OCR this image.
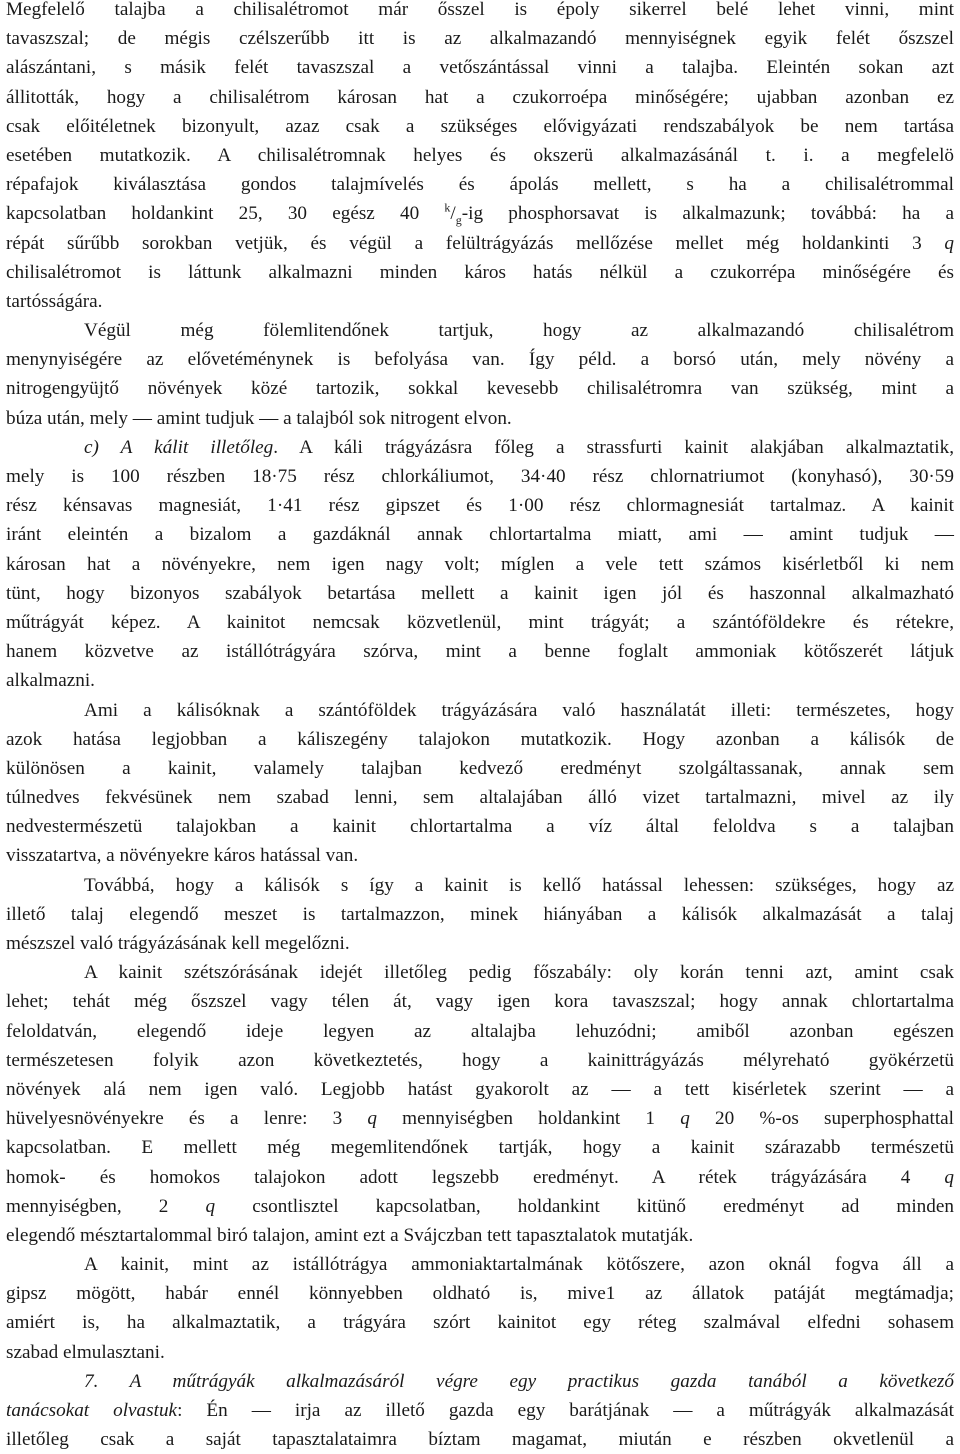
Megfelelő talajba a chilisalétromot már ősszel is époly sikerrel belé lehet vinni, mint
tavaszszal; de mégis czélszerűbb itt is az alkalmazandó mennyiségnek egyik felét őszszel
alászántani, s másik felét tavaszszal a vetőszántással vinni a talajba. Eleintén sokan azt
állitották, hogy a chilisalétrom károsan hat a czukorroépa minőségére; ujabban azonban ez
csak előitéletnek bizonyult, azaz csak a szükséges elővigyázati rendszabályok be nem tartása
esetében mutatkozik. A chilisalétromnak helyes és okszerü alkalmazásánál t. i. a megfelelö
répafajok kiválasztása gondos talajmívelés és ápolás mellett, s ha a chilisalétrommal
kapcsolatban holdankint 25, 30 egész 40 $^k/_g-ig$ phosphorsavat is alkalmazunk; továbbá: ha a
répát sűrűbb sorokban vetjük, és végül a felültrágyázás mellőzése mellet még holdankinti 3 q
chilisalétromot is láttunk alkalmazni minden káros hatás nélkül a czukorrépa minőségére és
tartósságára.
Végül még fölemlitendőnek tartjuk, hogy az alkalmazandó chilisalétrom
menynyiségére az elővetéménynek is befolyása van. Így péld. a borsó után, mely növény a
nitrogengyüjtő növények közé tartozik, sokkal kevesebb chilisalétromra van szükség, mint a
búza után, mely — amint tudjuk — a talajból sok nitrogent elvon.
c) A kálit illetőleg. A káli trágyázásra főleg a strassfurti kainit alakjában alkalmaztatik,
mely is 100 részben 18·75 rész chlorkáliumot, 34·40 rész chlornatriumot (konyhasó), 30·59
rész kénsavas magnesiát, 1·41 rész gipszet és 1·00 rész chlormagnesiát tartalmaz. A kainit
iránt eleintén a bizalom a gazdáknál annak chlortartalma miatt, ami — amint tudjuk —
károsan hat a növényekre, nem igen nagy volt; míglen a vele tett számos kisérletből ki nem
tünt, hogy bizonyos szabályok betartása mellett a kainit igen jól és haszonnal alkalmazható
műtrágyát képez. A kainitot nemcsak közvetlenül, mint trágyát; a szántóföldekre és rétekre,
hanem közvetve az istállótrágyára szórva, mint a benne foglalt ammoniak kötőszerét látjuk
alkalmazni.
Ami a kálisóknak a szántóföldek trágyázására való használatát illeti: természetes, hogy
azok hatása legjobban a káliszegény talajokon mutatkozik. Hogy azonban a kálisók de
különösen a kainit, valamely talajban kedvező eredményt szolgáltassanak, annak sem
túlnedves fekvésünek nem szabad lenni, sem altalajában álló vizet tartalmazni, mivel az ily
nedvestermészetü talajokban a kainit chlortartalma a víz által feloldva s a talajban
visszatartva, a növényekre káros hatással van.
Továbbá, hogy a kálisók s így a kainit is kellő hatással lehessen: szükséges, hogy az
illető talaj elegendő meszet is tartalmazzon, minek hiányában a kálisók alkalmazását a talaj
mészszel való trágyázásának kell megelőzni.
A kainit szétszórásának idejét illetőleg pedig főszabály: oly korán tenni azt, amint csak
lehet; tehát még őszszel vagy télen át, vagy igen kora tavaszszal; hogy annak chlortartalma
feloldatván, elegendő ideje legyen az altalajba lehuzódni; amiből azonban egészen
természetesen folyik azon következtetés, hogy a kainittrágyázás mélyreható gyökérzetü
növények alá nem igen való. Legjobb hatást gyakorolt az — a tett kisérletek szerint — a
hüvelyesnövényekre és a lenre: 3 q mennyiségben holdankint 1 q 20 %-os superphosphattal
kapcsolatban. E mellett még megemlitendőnek tartják, hogy a kainit szárazabb természetü
homok- és homokos talajokon adott legszebb eredményt. A rétek trágyázására 4 q
mennyiségben, 2 q csontlisztel kapcsolatban, holdankint kitünő eredményt ad minden
elegendő mésztartalommal biró talajon, amint ezt a Svájczban tett tapasztalatok mutatják.
A kainit, mint az istállótrágya ammoniaktartalmának kötőszere, azon oknál fogva áll a
gipsz mögött, habár ennél könnyebben oldható is, mive1 az állatok patáját megtámadja;
amiért is, ha alkalmaztatik, a trágyára szórt kainitot egy réteg szalmával elfedni sohasem
szabad elmulasztani.
7. A műtrágyák alkalmazásáról végre egy practikus gazda tanából a következő
tanácsokat olvastuk: Én — irja az illető gazda egy barátjának — a műtrágyák alkalmazását
illetőleg csak a saját tapasztalataimra bíztam magamat, miután e részben okvetlenül a
